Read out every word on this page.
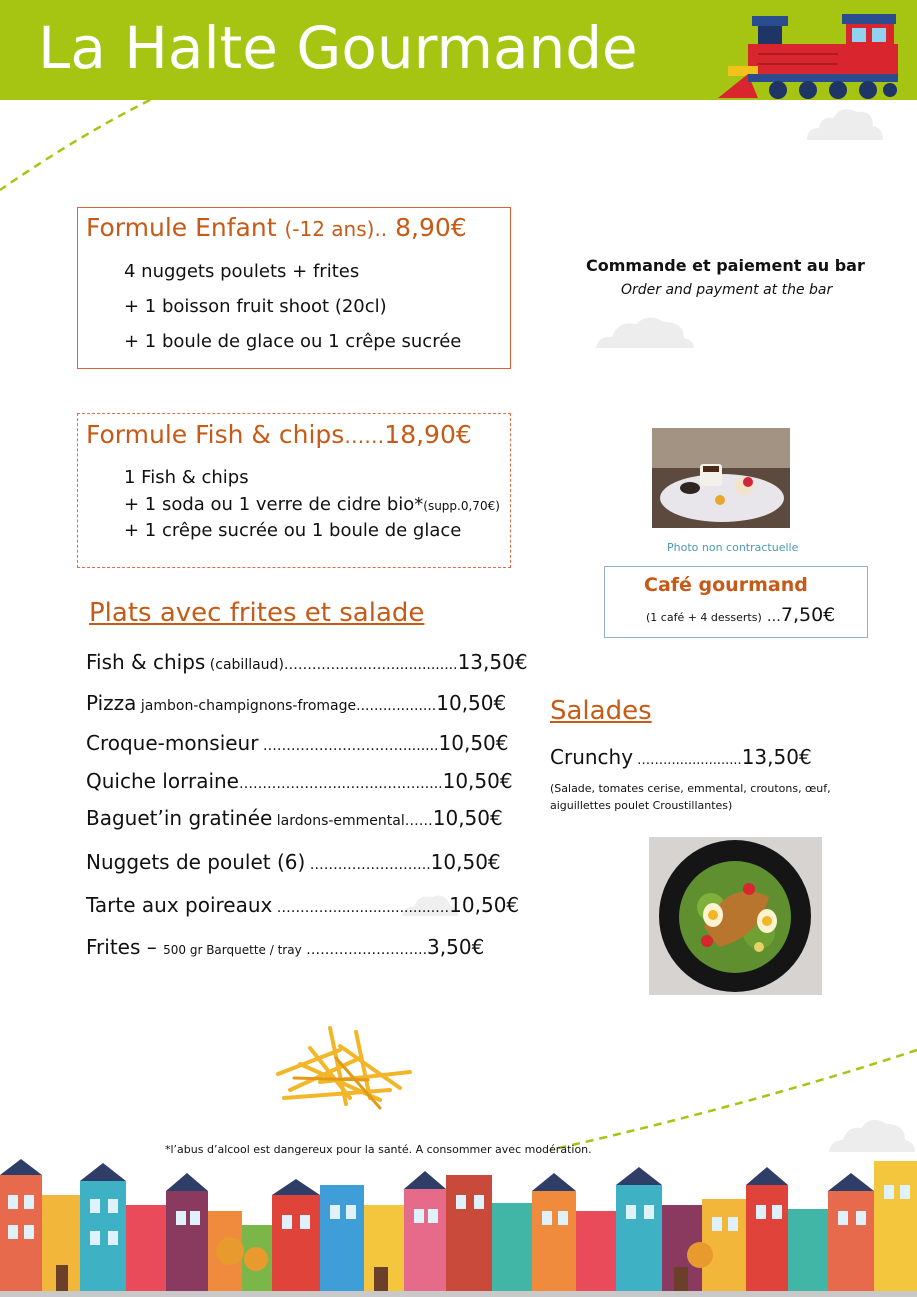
La Halte Gourmande
Formule Enfant (-12 ans).. 8,90€
4 nuggets poulets + frites
+ 1 boisson fruit shoot (20cl)
+ 1 boule de glace ou 1 crêpe sucrée
Formule Fish & chips……18,90€
1 Fish & chips
+ 1 soda ou 1 verre de cidre bio*(supp.0,70€)
+ 1 crêpe sucrée ou 1 boule de glace
Commande et paiement au bar
Order and payment at the bar
Photo non contractuelle
Café gourmand
(1 café + 4 desserts) …7,50€
Plats avec frites et salade
Fish & chips (cabillaud)……………..……...............13,50€
Pizza jambon-champignons-fromage..................10,50€
Croque-monsieur …………………………........10,50€
Quiche lorraine…………………..……..………....10,50€
Baguet’in gratinée lardons-emmental……10,50€
Nuggets de poulet (6) ……………………..10,50€
Tarte aux poireaux ………….......................…10,50€
Frites – 500 gr Barquette / tray ……………………..3,50€
Salades
Crunchy ……...................13,50€
(Salade, tomates cerise, emmental, croutons, œuf,
aiguillettes poulet Croustillantes)
*l’abus d’alcool est dangereux pour la santé. A consommer avec modération.
